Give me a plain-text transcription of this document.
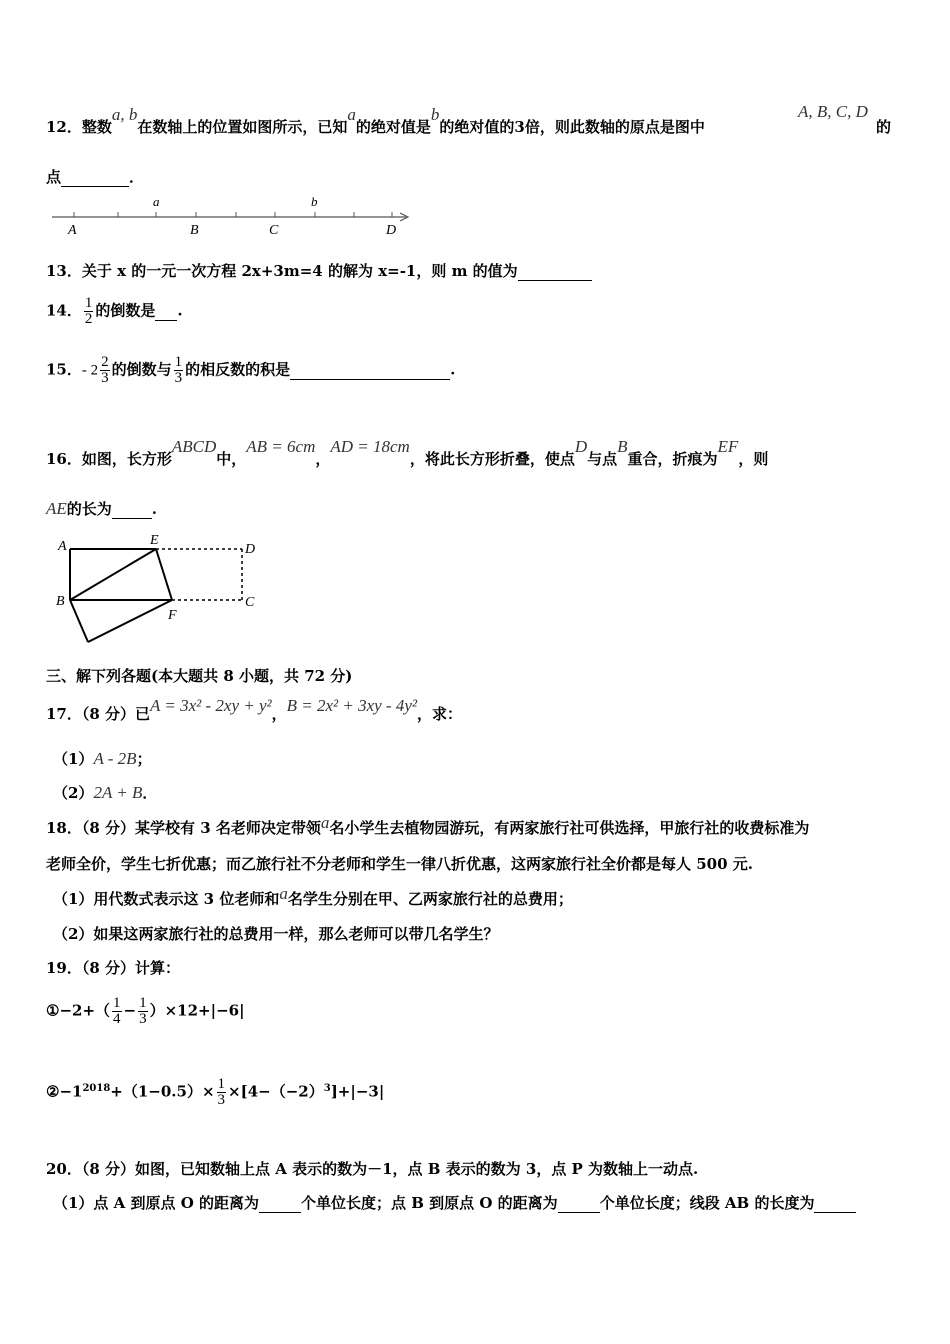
12．整数a, b在数轴上的位置如图所示，已知a的绝对值是b的绝对值的3倍，则此数轴的原点是图中
A, B, C, D
的
点	．
A	B	C	D
a	b
13．关于 x 的一元一次方程 2x+3m=4 的解为 x=-1，则 m 的值为
14． $\frac{1}{2}$ 的倒数是 .
15．- $2 \frac{2}{3}$ 的倒数与 $\frac{1}{3}$ 的相反数的积是	.
16．如图，长方形ABCD中，AB = 6cm，AD = 18cm，将此长方形折叠，使点D与点B重合，折痕为EF，则
AE的长为	.
A	E
D
B
F
C
三、解下列各题(本大题共 8 小题，共 72 分)
17．（8 分）已A = 3x² - 2xy + y²，B = 2x² + 3xy - 4y²，求：
（1）A - 2B；
（2）2A + B．
18．（8 分）某学校有 3 名老师决定带领a名小学生去植物园游玩，有两家旅行社可供选择，甲旅行社的收费标准为
老师全价，学生七折优惠；而乙旅行社不分老师和学生一律八折优惠，这两家旅行社全价都是每人 500 元.
（1）用代数式表示这 3 位老师和a名学生分别在甲、乙两家旅行社的总费用；
（2）如果这两家旅行社的总费用一样，那么老师可以带几名学生？
19．（8 分）计算：
①−2+（ $\frac{1}{4} - \frac{1}{3} )\times 12+|-6|$
$②-1^{2018}+(1-0.5)\times \frac{1}{3} \times[4-(-2)^3]+|-3|$
20．（8 分）如图，已知数轴上点 A 表示的数为－1，点 B 表示的数为 3，点 P 为数轴上一动点.
（1）点 A 到原点 O 的距离为	个单位长度；点 B 到原点 O 的距离为	个单位长度；线段 AB 的长度为
